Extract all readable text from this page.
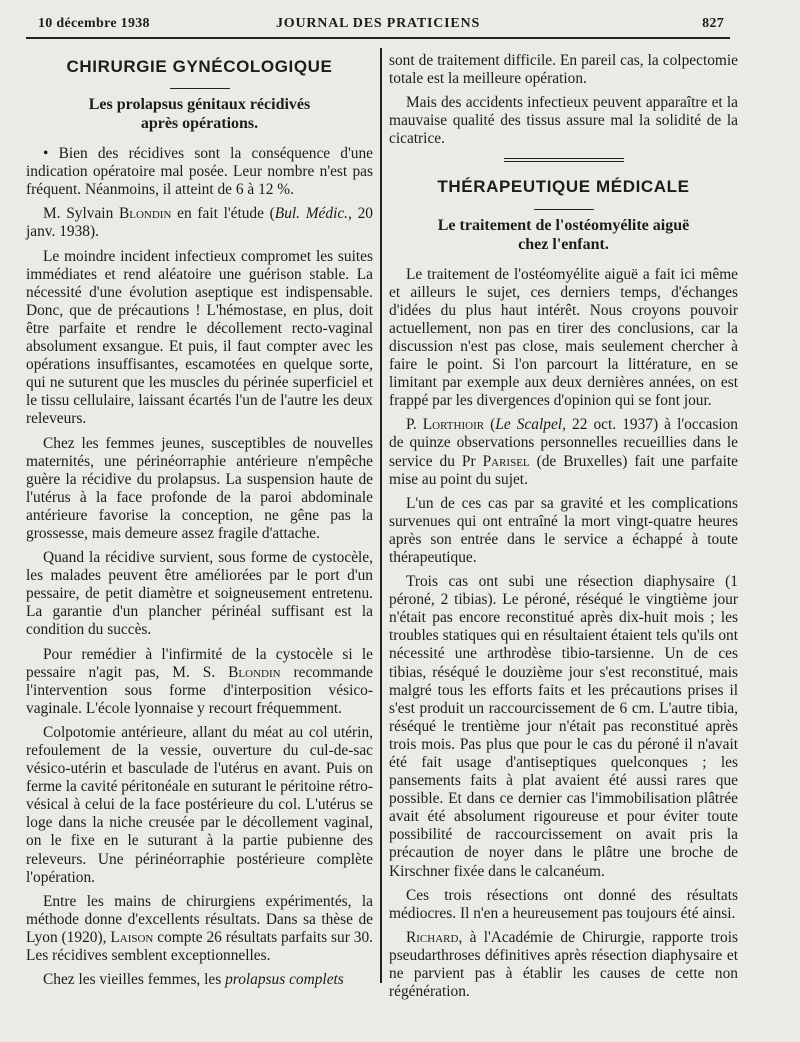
10 décembre 1938	JOURNAL DES PRATICIENS	827
CHIRURGIE GYNÉCOLOGIQUE
Les prolapsus génitaux récidivés
après opérations.

• Bien des récidives sont la conséquence d'une indication opératoire mal posée. Leur nombre n'est pas fréquent. Néanmoins, il atteint de 6 à 12 %.

M. Sylvain Blondin en fait l'étude (Bul. Médic., 20 janv. 1938).

Le moindre incident infectieux compromet les suites immédiates et rend aléatoire une guérison stable. La nécessité d'une évolution aseptique est indispensable. Donc, que de précautions ! L'hémostase, en plus, doit être parfaite et rendre le décollement recto-vaginal absolument exsangue. Et puis, il faut compter avec les opérations insuffisantes, escamotées en quelque sorte, qui ne suturent que les muscles du périnée superficiel et le tissu cellulaire, laissant écartés l'un de l'autre les deux releveurs.

Chez les femmes jeunes, susceptibles de nouvelles maternités, une périnéorraphie antérieure n'empêche guère la récidive du prolapsus. La suspension haute de l'utérus à la face profonde de la paroi abdominale antérieure favorise la conception, ne gêne pas la grossesse, mais demeure assez fragile d'attache.

Quand la récidive survient, sous forme de cystocèle, les malades peuvent être améliorées par le port d'un pessaire, de petit diamètre et soigneusement entretenu. La garantie d'un plancher périnéal suffisant est la condition du succès.

Pour remédier à l'infirmité de la cystocèle si le pessaire n'agit pas, M. S. Blondin recommande l'intervention sous forme d'interposition vésico-vaginale. L'école lyonnaise y recourt fréquemment.

Colpotomie antérieure, allant du méat au col utérin, refoulement de la vessie, ouverture du cul-de-sac vésico-utérin et basculade de l'utérus en avant. Puis on ferme la cavité péritonéale en suturant le péritoine rétro-vésical à celui de la face postérieure du col. L'utérus se loge dans la niche creusée par le décollement vaginal, on le fixe en le suturant à la partie pubienne des releveurs. Une périnéorraphie postérieure complète l'opération.

Entre les mains de chirurgiens expérimentés, la méthode donne d'excellents résultats. Dans sa thèse de Lyon (1920), Laison compte 26 résultats parfaits sur 30. Les récidives semblent exceptionnelles.

Chez les vieilles femmes, les prolapsus complets

sont de traitement difficile. En pareil cas, la colpectomie totale est la meilleure opération.

Mais des accidents infectieux peuvent apparaître et la mauvaise qualité des tissus assure mal la solidité de la cicatrice.

THÉRAPEUTIQUE MÉDICALE
Le traitement de l'ostéomyélite aiguë
chez l'enfant.

Le traitement de l'ostéomyélite aiguë a fait ici même et ailleurs le sujet, ces derniers temps, d'échanges d'idées du plus haut intérêt. Nous croyons pouvoir actuellement, non pas en tirer des conclusions, car la discussion n'est pas close, mais seulement chercher à faire le point. Si l'on parcourt la littérature, en se limitant par exemple aux deux dernières années, on est frappé par les divergences d'opinion qui se font jour.

P. Lorthioir (Le Scalpel, 22 oct. 1937) à l'occasion de quinze observations personnelles recueillies dans le service du Pr Parisel (de Bruxelles) fait une parfaite mise au point du sujet.

L'un de ces cas par sa gravité et les complications survenues qui ont entraîné la mort vingt-quatre heures après son entrée dans le service a échappé à toute thérapeutique.

Trois cas ont subi une résection diaphysaire (1 péroné, 2 tibias). Le péroné, réséqué le vingtième jour n'était pas encore reconstitué après dix-huit mois ; les troubles statiques qui en résultaient étaient tels qu'ils ont nécessité une arthrodèse tibio-tarsienne. Un de ces tibias, réséqué le douzième jour s'est reconstitué, mais malgré tous les efforts faits et les précautions prises il s'est produit un raccourcissement de 6 cm. L'autre tibia, réséqué le trentième jour n'était pas reconstitué après trois mois. Pas plus que pour le cas du péroné il n'avait été fait usage d'antiseptiques quelconques ; les pansements faits à plat avaient été aussi rares que possible. Et dans ce dernier cas l'immobilisation plâtrée avait été absolument rigoureuse et pour éviter toute possibilité de raccourcissement on avait pris la précaution de noyer dans le plâtre une broche de Kirschner fixée dans le calcanéum.

Ces trois résections ont donné des résultats médiocres. Il n'en a heureusement pas toujours été ainsi.

Richard, à l'Académie de Chirurgie, rapporte trois pseudarthroses définitives après résection diaphysaire et ne parvient pas à établir les causes de cette non régénération.
